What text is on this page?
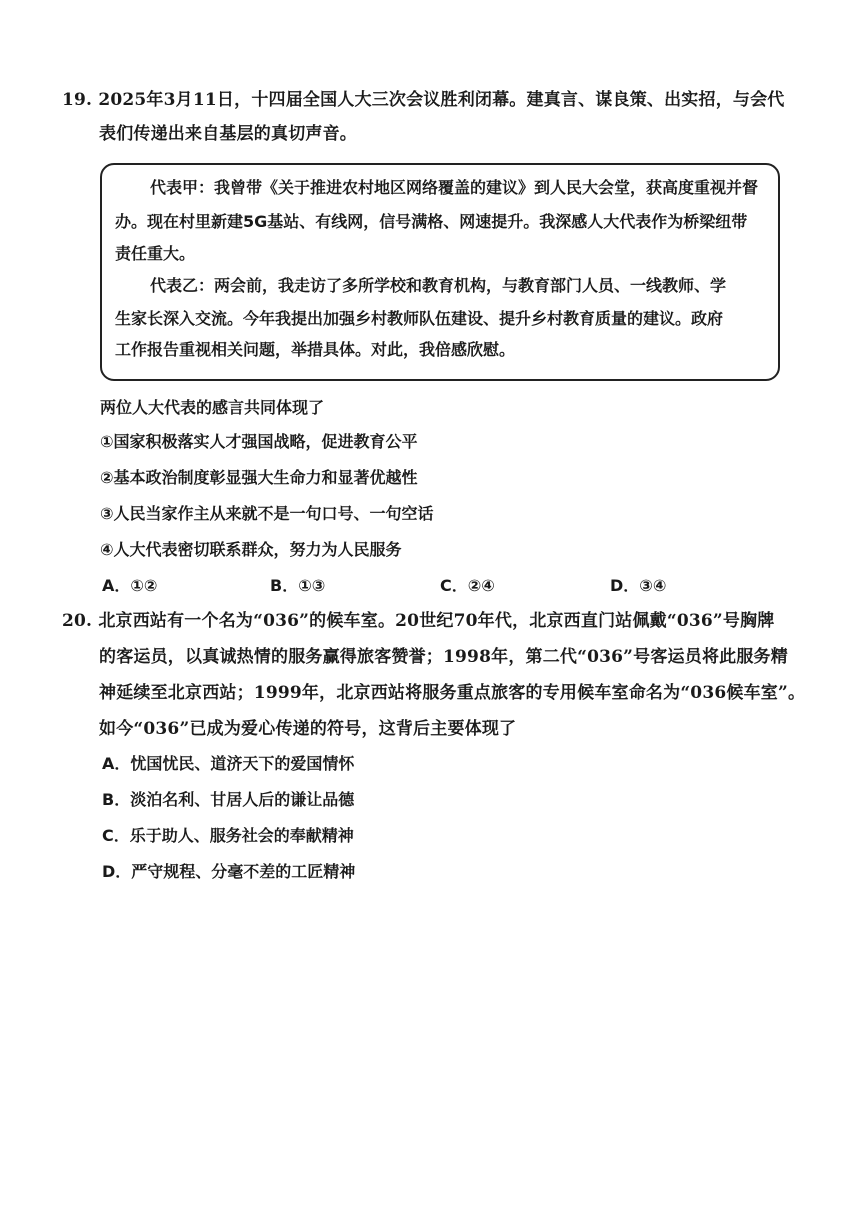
19. 2025年3月11日，十四届全国人大三次会议胜利闭幕。建真言、谋良策、出实招，与会代
表们传递出来自基层的真切声音。
代表甲：我曾带《关于推进农村地区网络覆盖的建议》到人民大会堂，获高度重视并督
办。现在村里新建5G基站、有线网，信号满格、网速提升。我深感人大代表作为桥梁纽带
责任重大。
代表乙：两会前，我走访了多所学校和教育机构，与教育部门人员、一线教师、学
生家长深入交流。今年我提出加强乡村教师队伍建设、提升乡村教育质量的建议。政府
工作报告重视相关问题，举措具体。对此，我倍感欣慰。
两位人大代表的感言共同体现了
①国家积极落实人才强国战略，促进教育公平
②基本政治制度彰显强大生命力和显著优越性
③人民当家作主从来就不是一句口号、一句空话
④人大代表密切联系群众，努力为人民服务
A．①②	B．①③	C．②④	D．③④
20. 北京西站有一个名为“036”的候车室。20世纪70年代，北京西直门站佩戴“036”号胸牌
的客运员，以真诚热情的服务赢得旅客赞誉；1998年，第二代“036”号客运员将此服务精
神延续至北京西站；1999年，北京西站将服务重点旅客的专用候车室命名为“036候车室”。
如今“036”已成为爱心传递的符号，这背后主要体现了
A．忧国忧民、道济天下的爱国情怀
B．淡泊名利、甘居人后的谦让品德
C．乐于助人、服务社会的奉献精神
D．严守规程、分毫不差的工匠精神
